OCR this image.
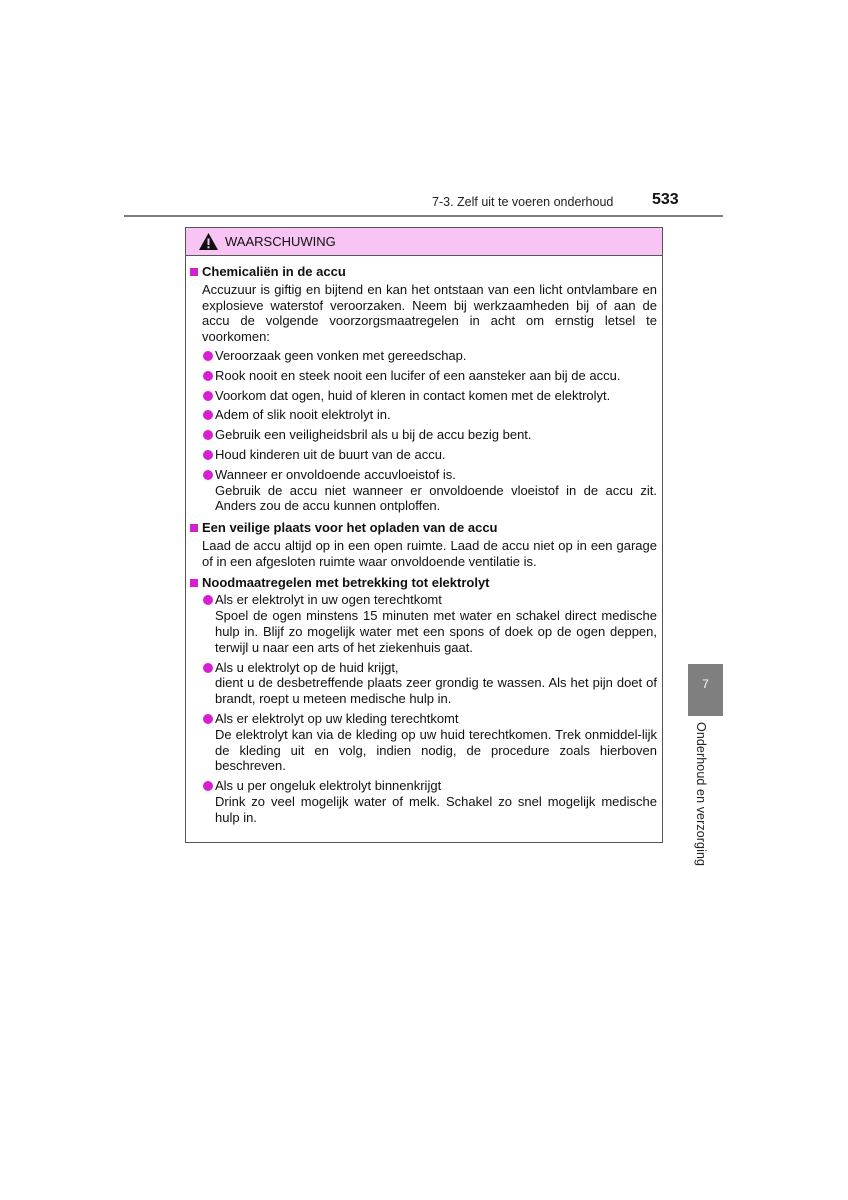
7-3. Zelf uit te voeren onderhoud 533
WAARSCHUWING
Chemicaliën in de accu

Accuzuur is giftig en bijtend en kan het ontstaan van een licht ontvlambare en explosieve waterstof veroorzaken. Neem bij werkzaamheden bij of aan de accu de volgende voorzorgsmaatregelen in acht om ernstig letsel te voorkomen:

Veroorzaak geen vonken met gereedschap.
Rook nooit en steek nooit een lucifer of een aansteker aan bij de accu.
Voorkom dat ogen, huid of kleren in contact komen met de elektrolyt.
Adem of slik nooit elektrolyt in.
Gebruik een veiligheidsbril als u bij de accu bezig bent.
Houd kinderen uit de buurt van de accu.
Wanneer er onvoldoende accuvloeistof is.
Gebruik de accu niet wanneer er onvoldoende vloeistof in de accu zit. Anders zou de accu kunnen ontploffen.
Een veilige plaats voor het opladen van de accu

Laad de accu altijd op in een open ruimte. Laad de accu niet op in een garage of in een afgesloten ruimte waar onvoldoende ventilatie is.

Noodmaatregelen met betrekking tot elektrolyt
Als er elektrolyt in uw ogen terechtkomt
Spoel de ogen minstens 15 minuten met water en schakel direct medische hulp in. Blijf zo mogelijk water met een spons of doek op de ogen deppen, terwijl u naar een arts of het ziekenhuis gaat.
Als u elektrolyt op de huid krijgt,
dient u de desbetreffende plaats zeer grondig te wassen. Als het pijn doet of brandt, roept u meteen medische hulp in.
Als er elektrolyt op uw kleding terechtkomt
De elektrolyt kan via de kleding op uw huid terechtkomen. Trek onmiddel-lijk de kleding uit en volg, indien nodig, de procedure zoals hierboven beschreven.
Als u per ongeluk elektrolyt binnenkrijgt
Drink zo veel mogelijk water of melk. Schakel zo snel mogelijk medische hulp in.
7
Onderhoud en verzorging
